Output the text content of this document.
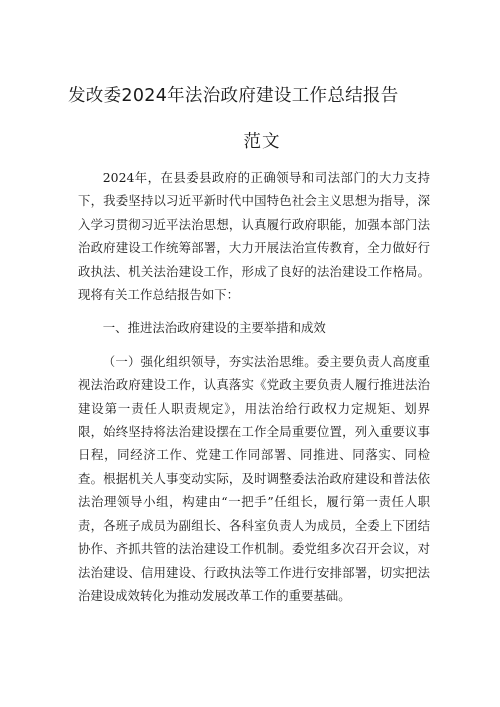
发改委2024年法治政府建设工作总结报告
范文

2024年，在县委县政府的正确领导和司法部门的大力支持下，我委坚持以习近平新时代中国特色社会主义思想为指导，深入学习贯彻习近平法治思想，认真履行政府职能，加强本部门法治政府建设工作统筹部署，大力开展法治宣传教育，全力做好行政执法、机关法治建设工作，形成了良好的法治建设工作格局。现将有关工作总结报告如下：

一、推进法治政府建设的主要举措和成效

（一）强化组织领导，夯实法治思维。委主要负责人高度重视法治政府建设工作，认真落实《党政主要负责人履行推进法治建设第一责任人职责规定》，用法治给行政权力定规矩、划界限，始终坚持将法治建设摆在工作全局重要位置，列入重要议事日程，同经济工作、党建工作同部署、同推进、同落实、同检查。根据机关人事变动实际，及时调整委法治政府建设和普法依法治理领导小组，构建由“一把手”任组长，履行第一责任人职责，各班子成员为副组长、各科室负责人为成员，全委上下团结协作、齐抓共管的法治建设工作机制。委党组多次召开会议，对法治建设、信用建设、行政执法等工作进行安排部署，切实把法治建设成效转化为推动发展改革工作的重要基础。
